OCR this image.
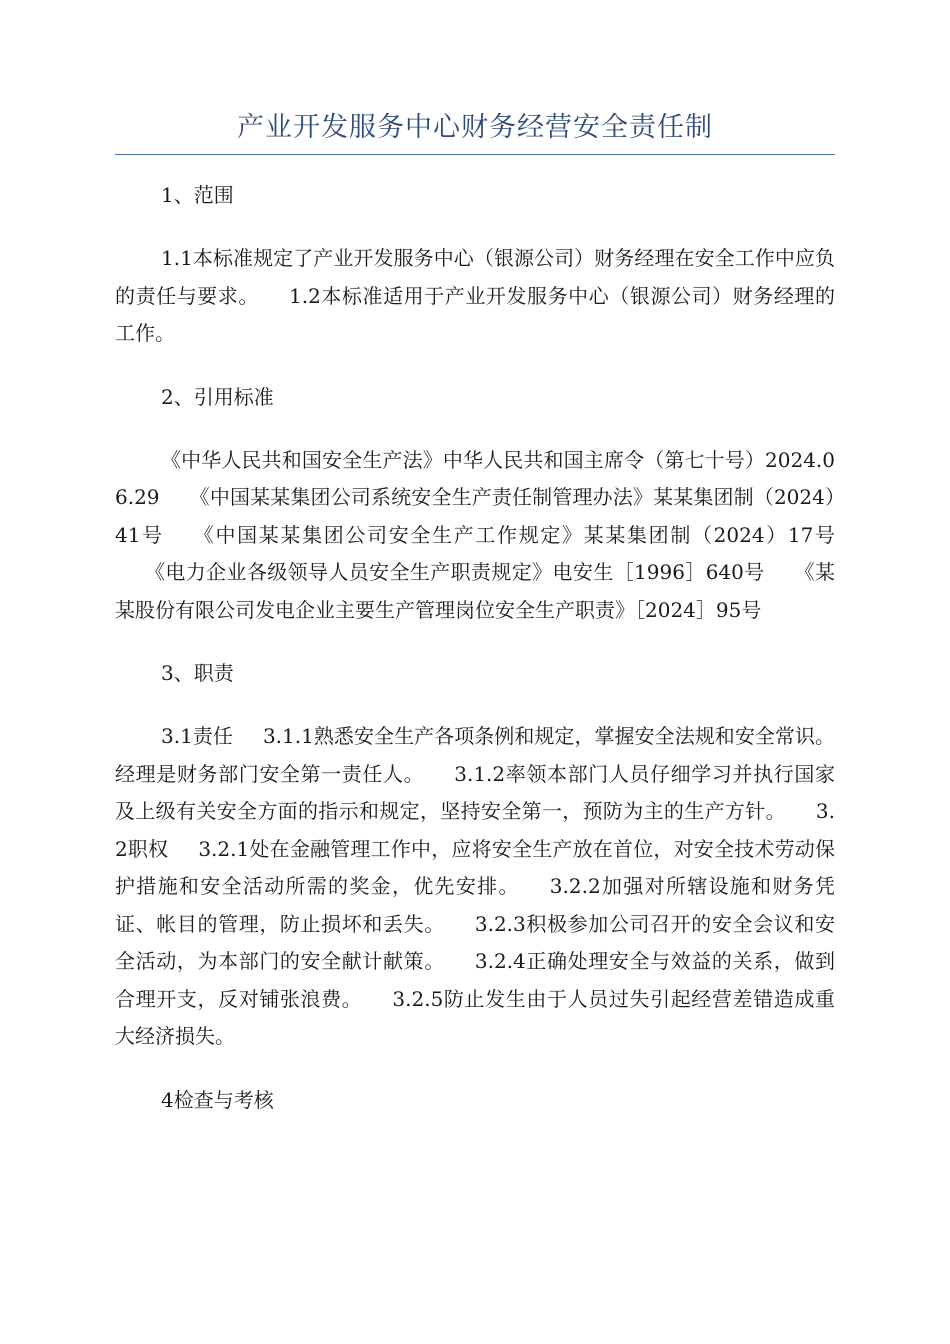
产业开发服务中心财务经营安全责任制
1、范围
1.1本标准规定了产业开发服务中心（银源公司）财务经理在安全工作中应负的责任与要求。 1.2本标准适用于产业开发服务中心（银源公司）财务经理的工作。
2、引用标准
《中华人民共和国安全生产法》中华人民共和国主席令（第七十号）2024.06.29 《中国某某集团公司系统安全生产责任制管理办法》某某集团制（2024）41号 《中国某某集团公司安全生产工作规定》某某集团制（2024）17号《电力企业各级领导人员安全生产职责规定》电安生［1996］640号 《某某股份有限公司发电企业主要生产管理岗位安全生产职责》［2024］95号
3、职责
3.1责任 3.1.1熟悉安全生产各项条例和规定，掌握安全法规和安全常识。经理是财务部门安全第一责任人。 3.1.2率领本部门人员仔细学习并执行国家及上级有关安全方面的指示和规定，坚持安全第一，预防为主的生产方针。 3.2职权 3.2.1处在金融管理工作中，应将安全生产放在首位，对安全技术劳动保护措施和安全活动所需的奖金，优先安排。 3.2.2加强对所辖设施和财务凭证、帐目的管理，防止损坏和丢失。 3.2.3积极参加公司召开的安全会议和安全活动，为本部门的安全献计献策。 3.2.4正确处理安全与效益的关系，做到合理开支，反对铺张浪费。 3.2.5防止发生由于人员过失引起经营差错造成重大经济损失。
4检查与考核
